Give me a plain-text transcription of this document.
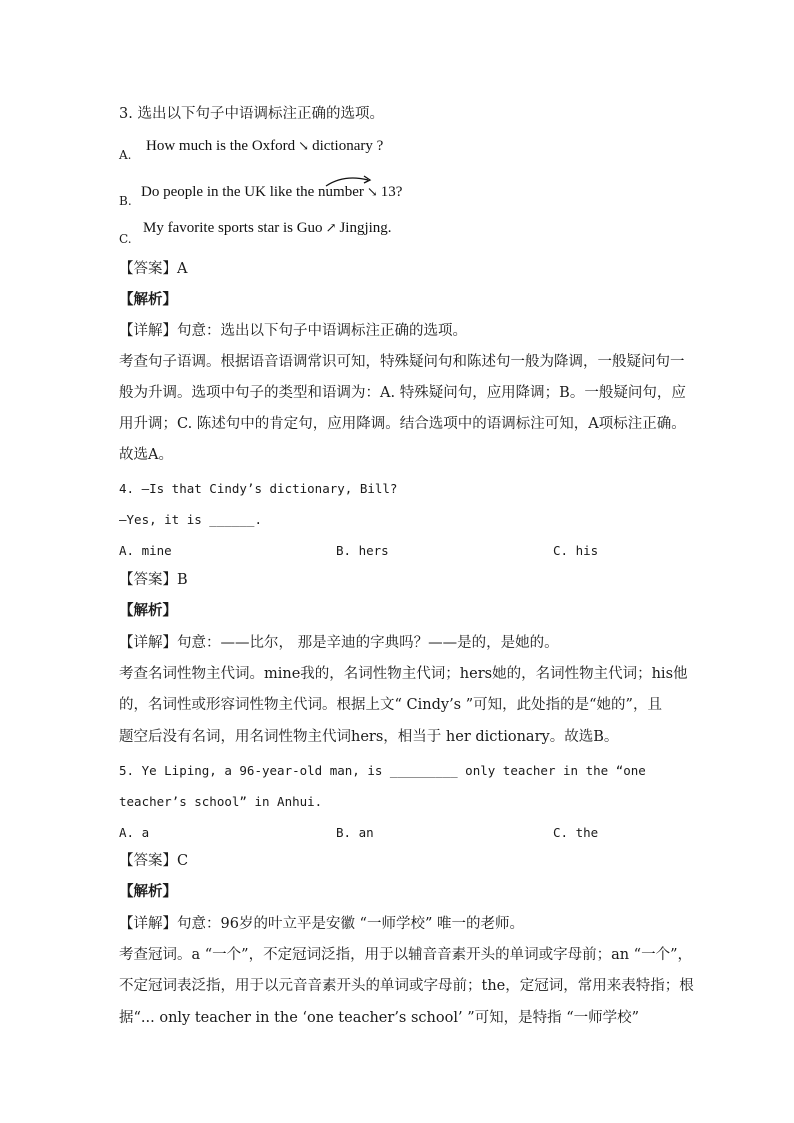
3. 选出以下句子中语调标注正确的选项。
A.
How much is the Oxford ↘ dictionary ?
B.
Do people in the UK like the number ↘ 13?
C.
My favorite sports star is Guo ↗ Jingjing.
【答案】A
【解析】
【详解】句意：选出以下句子中语调标注正确的选项。
考查句子语调。根据语音语调常识可知，特殊疑问句和陈述句一般为降调，一般疑问句一
般为升调。选项中句子的类型和语调为：A. 特殊疑问句，应用降调；B。一般疑问句，应
用升调；C. 陈述句中的肯定句，应用降调。结合选项中的语调标注可知，A项标注正确。
故选A。
4. —Is that Cindy’s dictionary, Bill?
—Yes, it is ______.
A. mine	B. hers	C. his
【答案】B
【解析】
【详解】句意：——比尔， 那是辛迪的字典吗？——是的，是她的。
考查名词性物主代词。mine我的，名词性物主代词；hers她的，名词性物主代词；his他
的，名词性或形容词性物主代词。根据上文“ Cindy’s ”可知，此处指的是“她的”，且
题空后没有名词，用名词性物主代词hers，相当于 her dictionary。故选B。
5. Ye Liping, a 96-year-old man, is _________ only teacher in the “one
teacher’s school” in Anhui.
A. a	B. an	C. the
【答案】C
【解析】
【详解】句意：96岁的叶立平是安徽 “一师学校” 唯一的老师。
考查冠词。a “一个”，不定冠词泛指，用于以辅音音素开头的单词或字母前；an “一个”，
不定冠词表泛指，用于以元音音素开头的单词或字母前；the，定冠词，常用来表特指；根
据“... only teacher in the ‘one teacher’s school’ ”可知，是特指 “一师学校”
